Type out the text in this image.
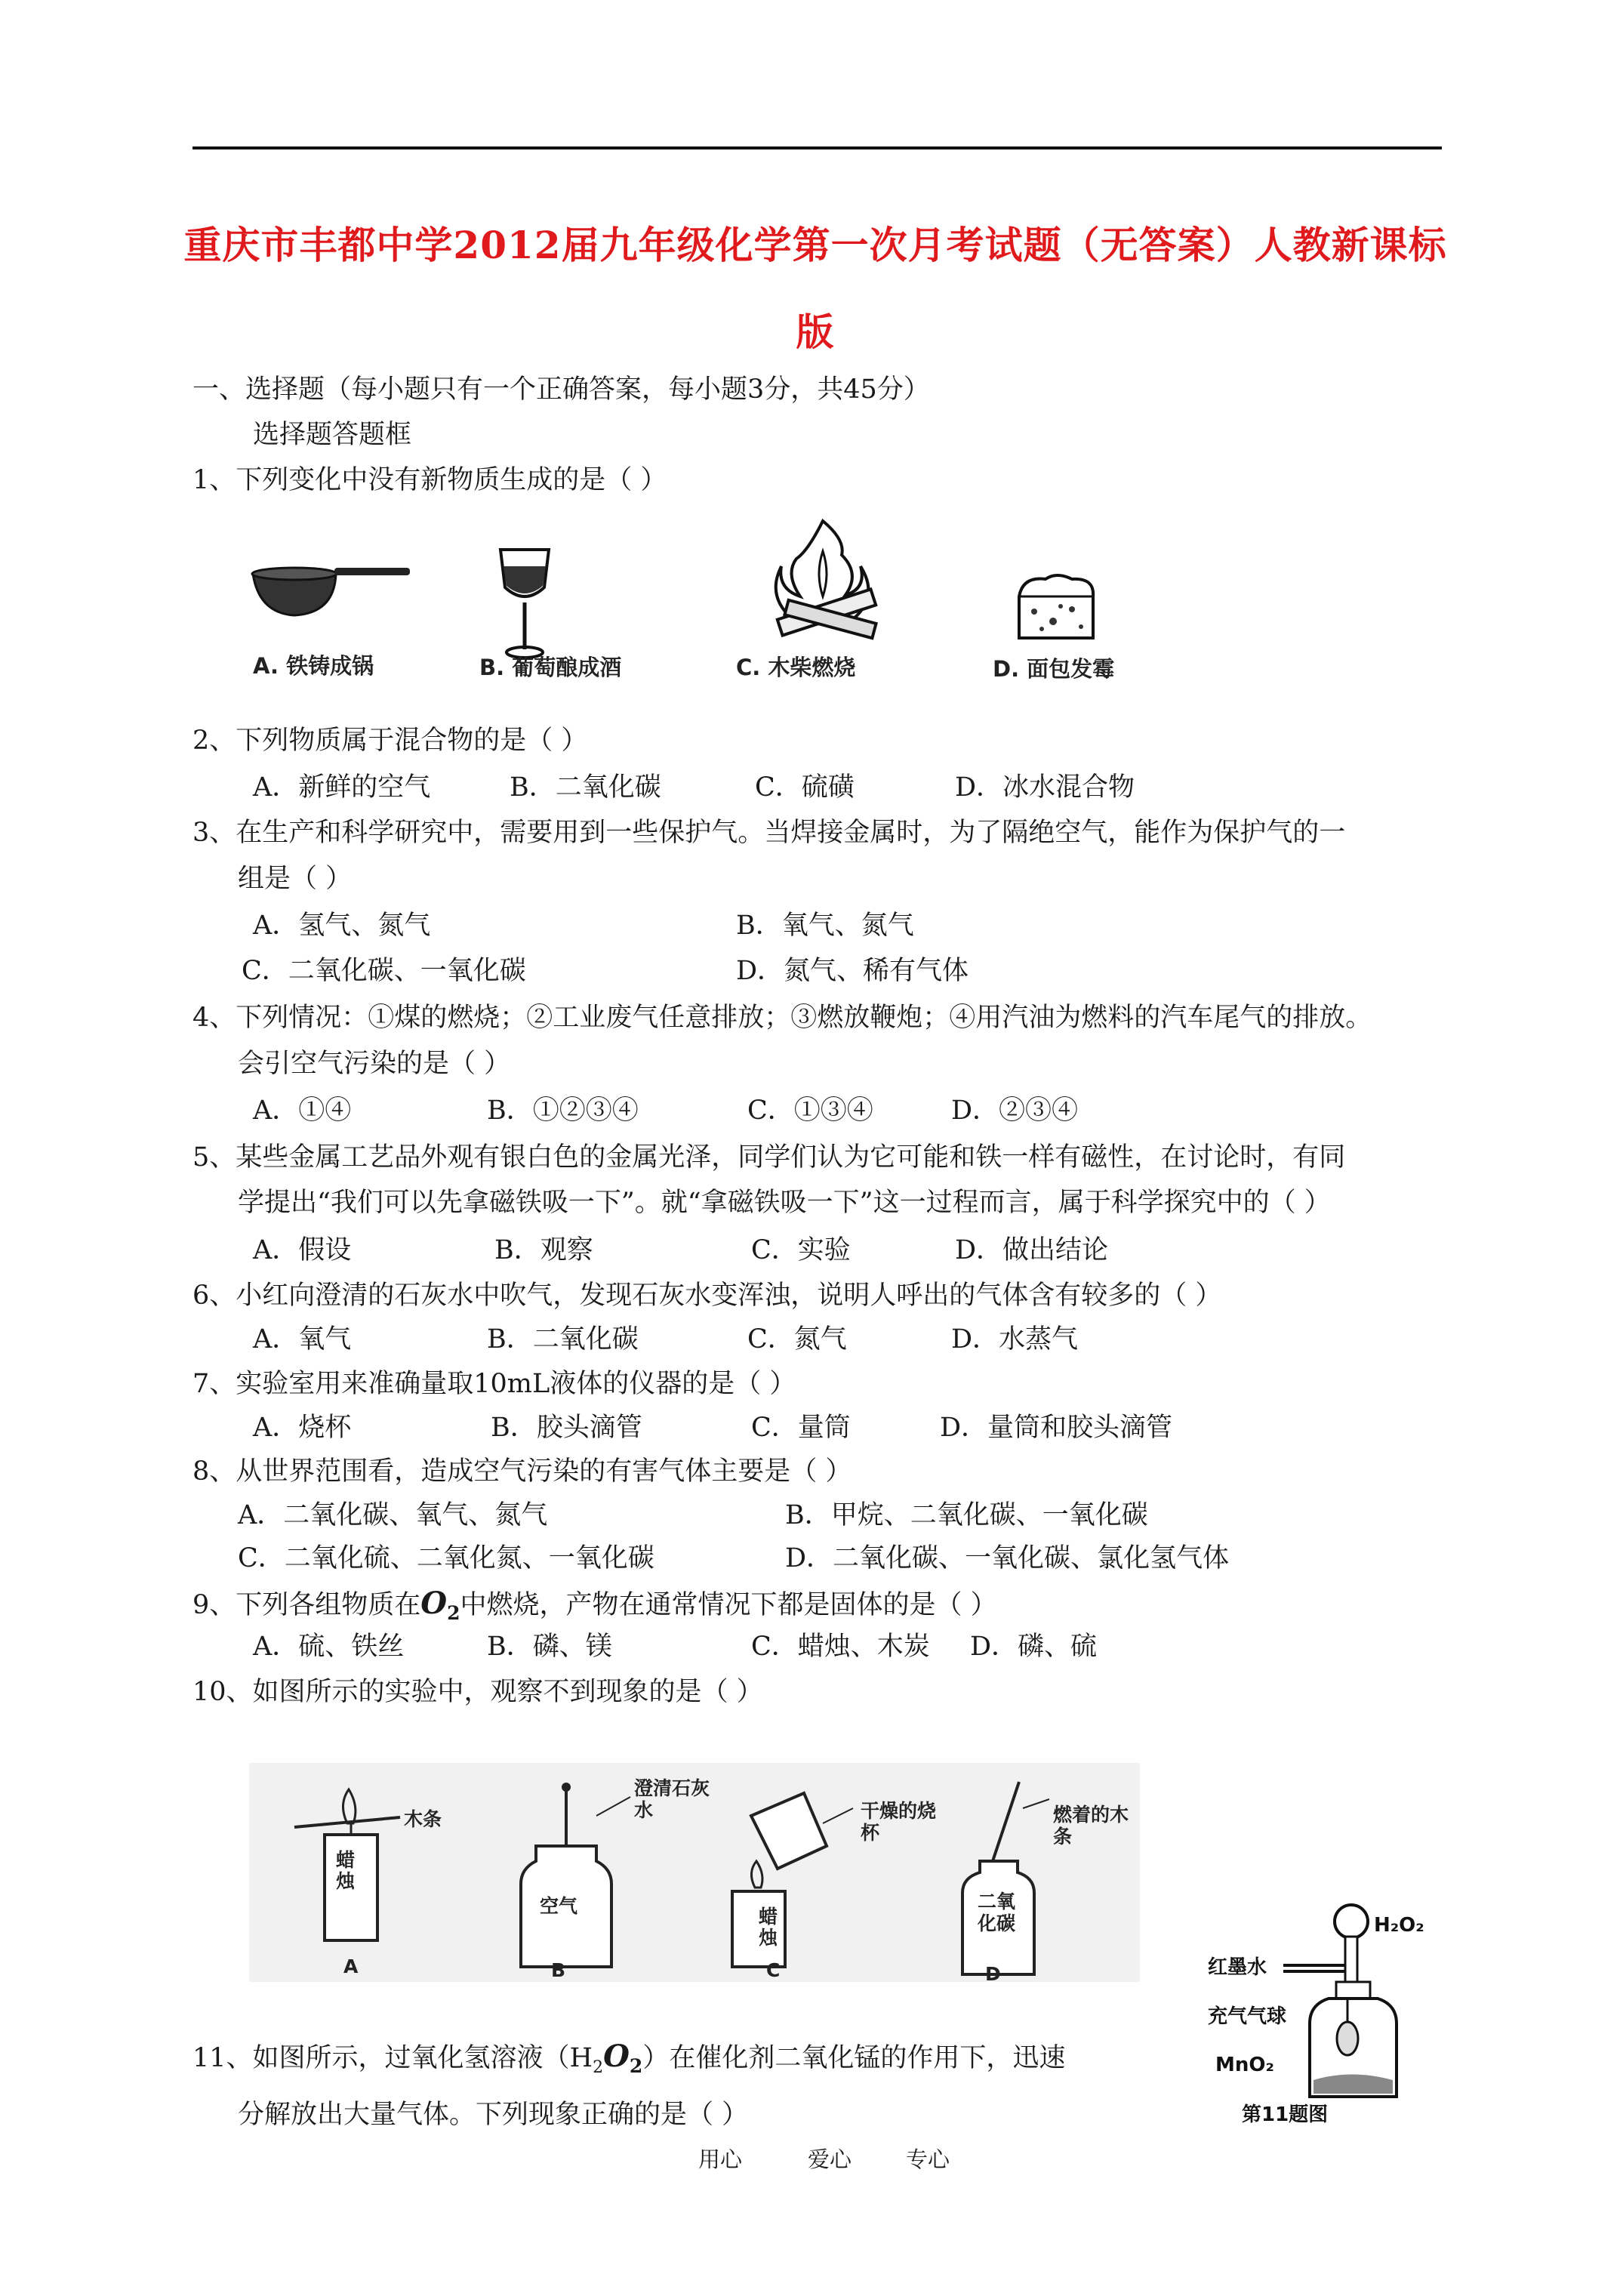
重庆市丰都中学2012届九年级化学第一次月考试题（无答案）人教新课标
版
一、选择题（每小题只有一个正确答案，每小题3分，共45分）
选择题答题框
1、下列变化中没有新物质生成的是（ ）
A. 铁铸成锅	B. 葡萄酿成酒	C. 木柴燃烧	D. 面包发霉
2、下列物质属于混合物的是（ ）
A．新鲜的空气	B．二氧化碳	C．硫磺	D．冰水混合物
3、在生产和科学研究中，需要用到一些保护气。当焊接金属时，为了隔绝空气，能作为保护气的一
组是（ ）
A．氢气、氮气	B．氧气、氮气
C．二氧化碳、一氧化碳	D．氮气、稀有气体
4、下列情况：①煤的燃烧；②工业废气任意排放；③燃放鞭炮；④用汽油为燃料的汽车尾气的排放。
会引空气污染的是（ ）
A．①④	B．①②③④	C．①③④	D．②③④
5、某些金属工艺品外观有银白色的金属光泽，同学们认为它可能和铁一样有磁性，在讨论时，有同
学提出“我们可以先拿磁铁吸一下”。就“拿磁铁吸一下”这一过程而言，属于科学探究中的（ ）
A．假设	B．观察	C．实验	D．做出结论
6、小红向澄清的石灰水中吹气，发现石灰水变浑浊，说明人呼出的气体含有较多的（ ）
A．氧气	B．二氧化碳	C．氮气	D．水蒸气
7、实验室用来准确量取10mL液体的仪器的是（ ）
A．烧杯	B．胶头滴管	C．量筒	D．量筒和胶头滴管
8、从世界范围看，造成空气污染的有害气体主要是（ ）
A．二氧化碳、氧气、氮气	B．甲烷、二氧化碳、一氧化碳
C．二氧化硫、二氧化氮、一氧化碳	D．二氧化碳、一氧化碳、氯化氢气体
9、下列各组物质在$O_2$中燃烧，产物在通常情况下都是固体的是（ ）
A．硫、铁丝	B．磷、镁	C．蜡烛、木炭 D．磷、硫
10、如图所示的实验中，观察不到现象的是（ ）
木条
蜡烛
A
澄清石灰水
空气
B
干燥的烧杯
蜡烛
C
燃着的木条
二氧化碳
D	红墨水
H₂O₂
充气气球
MnO₂
第11题图
11、如图所示，过氧化氢溶液$(H_2O_2)$在催化剂二氧化锰的作用下，迅速
分解放出大量气体。下列现象正确的是（ ）
用心	爱心 专心
